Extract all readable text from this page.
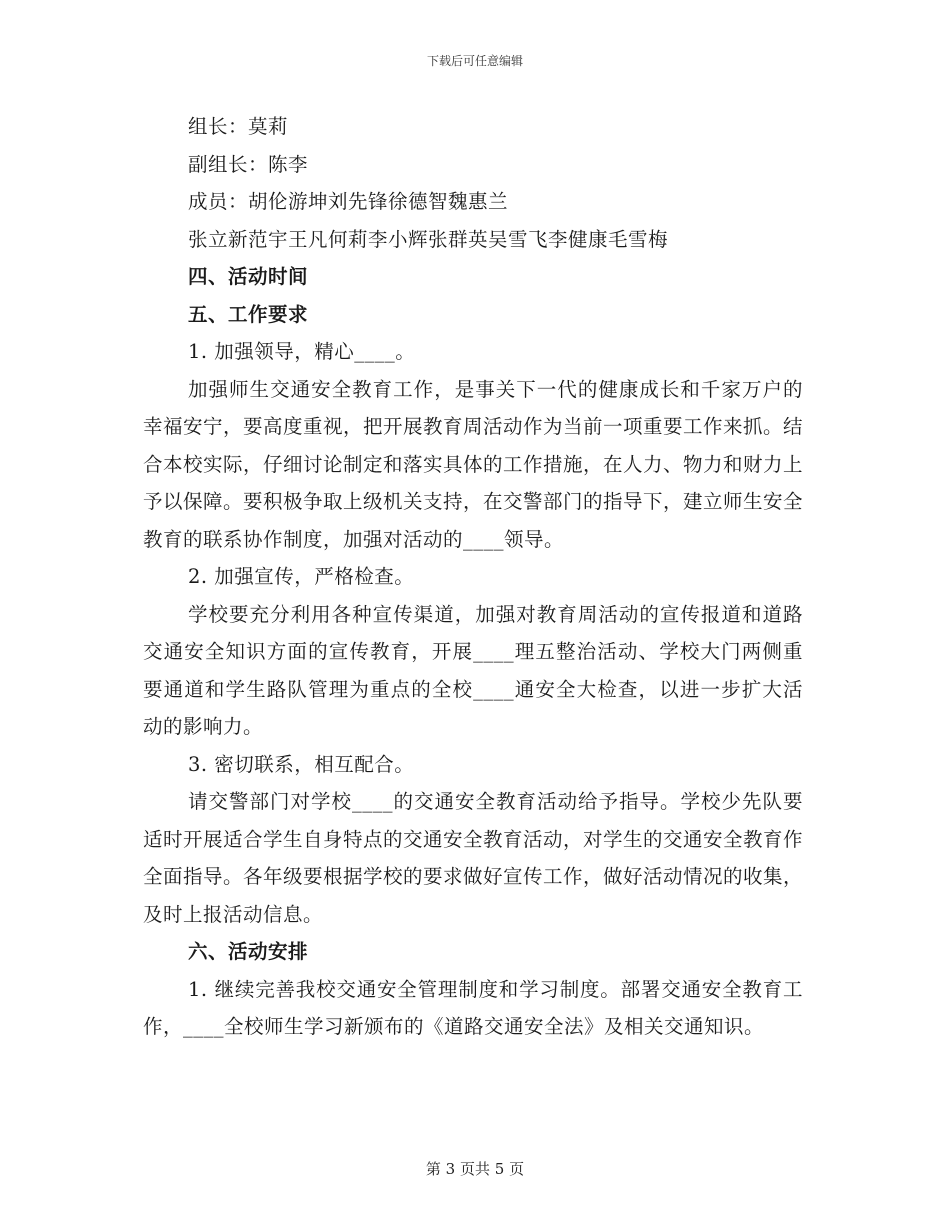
下载后可任意编辑
组长：莫莉
副组长：陈李
成员：胡伦游坤刘先锋徐德智魏惠兰
张立新范宇王凡何莉李小辉张群英吴雪飞李健康毛雪梅
四、活动时间
五、工作要求
1. 加强领导，精心____。
加强师生交通安全教育工作，是事关下一代的健康成长和千家万户的幸福安宁，要高度重视，把开展教育周活动作为当前一项重要工作来抓。结合本校实际，仔细讨论制定和落实具体的工作措施，在人力、物力和财力上予以保障。要积极争取上级机关支持，在交警部门的指导下，建立师生安全教育的联系协作制度，加强对活动的____领导。
2. 加强宣传，严格检查。
学校要充分利用各种宣传渠道，加强对教育周活动的宣传报道和道路交通安全知识方面的宣传教育，开展____理五整治活动、学校大门两侧重要通道和学生路队管理为重点的全校____通安全大检查，以进一步扩大活动的影响力。
3. 密切联系，相互配合。
请交警部门对学校____的交通安全教育活动给予指导。学校少先队要适时开展适合学生自身特点的交通安全教育活动，对学生的交通安全教育作全面指导。各年级要根据学校的要求做好宣传工作，做好活动情况的收集，及时上报活动信息。
六、活动安排
1. 继续完善我校交通安全管理制度和学习制度。部署交通安全教育工作，____全校师生学习新颁布的《道路交通安全法》及相关交通知识。
第 3 页共 5 页
